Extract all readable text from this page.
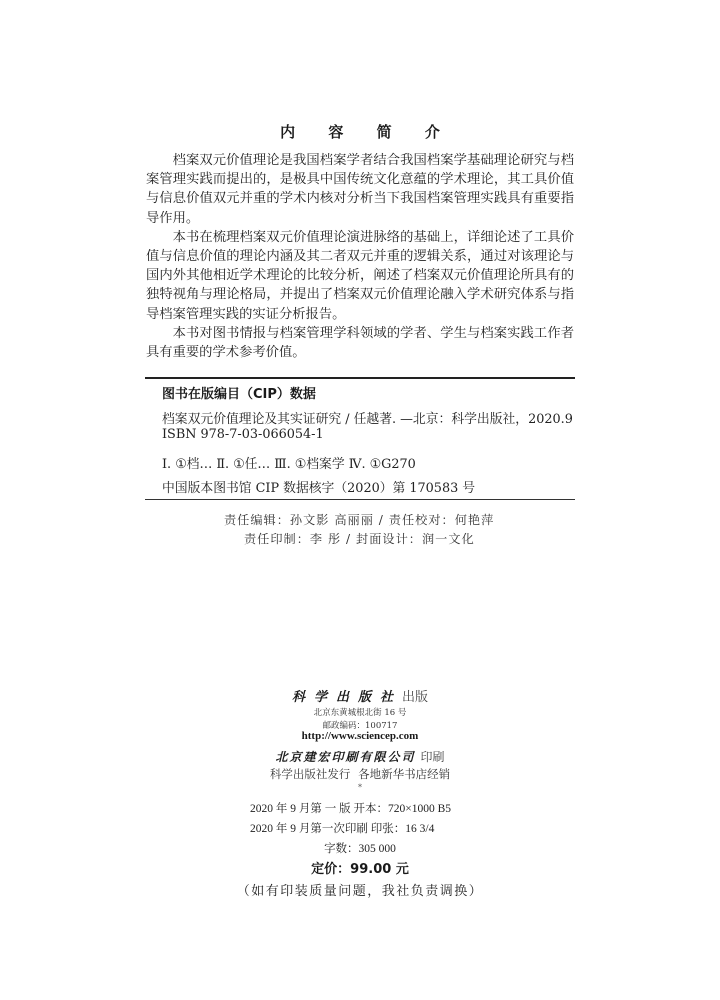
内 容 简 介

档案双元价值理论是我国档案学者结合我国档案学基础理论研究与档案管理实践而提出的，是极具中国传统文化意蕴的学术理论，其工具价值与信息价值双元并重的学术内核对分析当下我国档案管理实践具有重要指导作用。

本书在梳理档案双元价值理论演进脉络的基础上，详细论述了工具价值与信息价值的理论内涵及其二者双元并重的逻辑关系，通过对该理论与国内外其他相近学术理论的比较分析，阐述了档案双元价值理论所具有的独特视角与理论格局，并提出了档案双元价值理论融入学术研究体系与指导档案管理实践的实证分析报告。

本书对图书情报与档案管理学科领域的学者、学生与档案实践工作者具有重要的学术参考价值。

图书在版编目（CIP）数据
档案双元价值理论及其实证研究 / 任越著. —北京：科学出版社，2020.9
ISBN 978-7-03-066054-1
Ⅰ. ①档… Ⅱ. ①任… Ⅲ. ①档案学 Ⅳ. ①G270
中国版本图书馆 CIP 数据核字（2020）第 170583 号
责任编辑：孙文影 高丽丽 / 责任校对：何艳萍
责任印制：李 彤 / 封面设计：润一文化
科学出版社出版
北京东黄城根北街 16 号
邮政编码：100717
http://www.sciencep.com
北京建宏印刷有限公司 印刷
科学出版社发行 各地新华书店经销
*
2020 年 9 月第 一 版 开本：720×1000 B5
2020 年 9 月第一次印刷 印张：16 3/4
字数：305 000
定价：99.00 元
（如有印装质量问题，我社负责调换）
